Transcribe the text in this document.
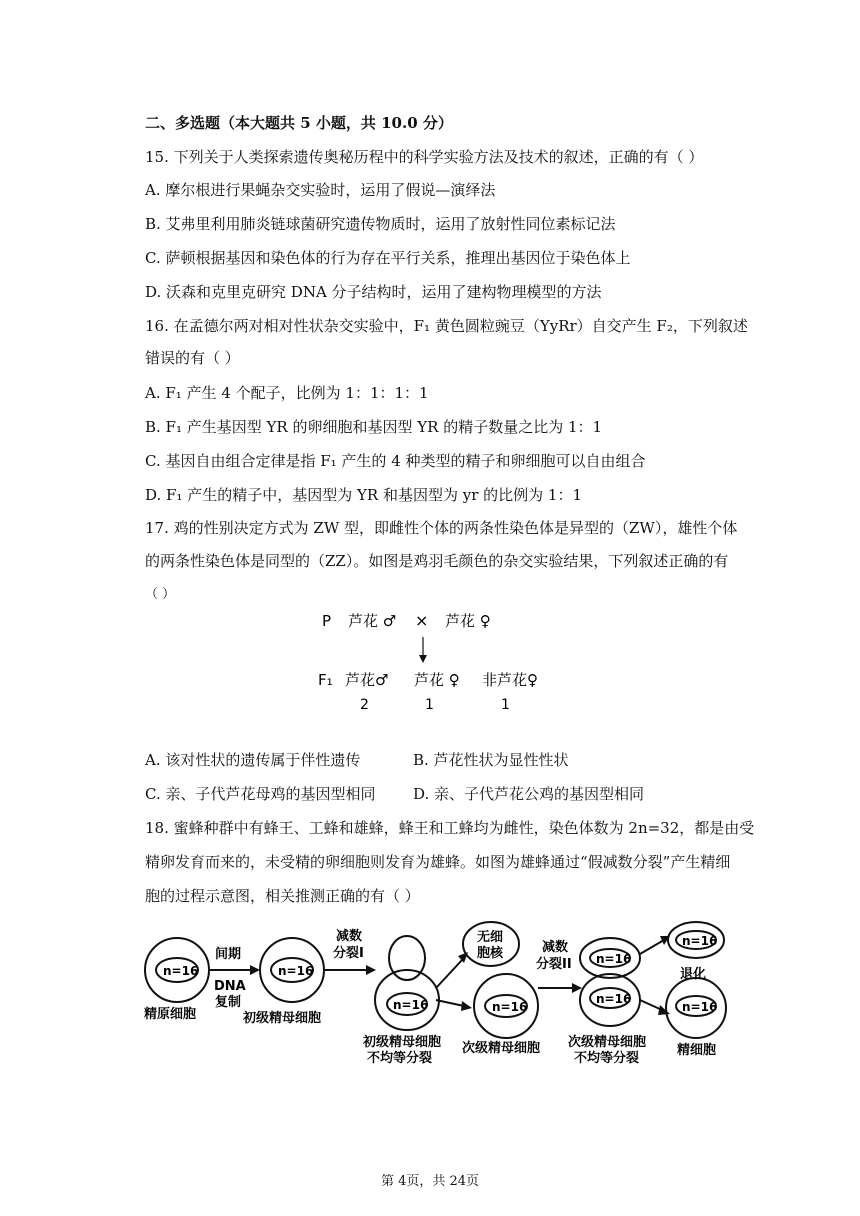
二、多选题（本大题共 5 小题，共 10.0 分）
15. 下列关于人类探索遗传奥秘历程中的科学实验方法及技术的叙述，正确的有（ ）
A. 摩尔根进行果蝇杂交实验时，运用了假说—演绎法
B. 艾弗里利用肺炎链球菌研究遗传物质时，运用了放射性同位素标记法
C. 萨顿根据基因和染色体的行为存在平行关系，推理出基因位于染色体上
D. 沃森和克里克研究 DNA 分子结构时，运用了建构物理模型的方法
16. 在孟德尔两对相对性状杂交实验中，F₁ 黄色圆粒豌豆（YyRr）自交产生 F₂，下列叙述
错误的有（ ）
A. F₁ 产生 4 个配子，比例为 1：1：1：1
B. F₁ 产生基因型 YR 的卵细胞和基因型 YR 的精子数量之比为 1：1
C. 基因自由组合定律是指 F₁ 产生的 4 种类型的精子和卵细胞可以自由组合
D. F₁ 产生的精子中，基因型为 YR 和基因型为 yr 的比例为 1：1
17. 鸡的性别决定方式为 ZW 型，即雌性个体的两条性染色体是异型的（ZW），雄性个体
的两条性染色体是同型的（ZZ）。如图是鸡羽毛颜色的杂交实验结果，下列叙述正确的有
（ ）
P 芦花 ♂ × 芦花 ♀
F₁ 芦花♂ 芦花 ♀ 非芦花♀
2	1	1
A. 该对性状的遗传属于伴性遗传	B. 芦花性状为显性性状
C. 亲、子代芦花母鸡的基因型相同	D. 亲、子代芦花公鸡的基因型相同
18. 蜜蜂种群中有蜂王、工蜂和雄蜂，蜂王和工蜂均为雌性，染色体数为 2n=32，都是由受
精卵发育而来的，未受精的卵细胞则发育为雄蜂。如图为雄蜂通过“假减数分裂”产生精细
胞的过程示意图，相关推测正确的有（ ）
n=16	n=16
n=16	n=16
n=16
n=16
n=16
n=16
间期
DNA
复制
减数
分裂I
无细
胞核	减数
分裂II
退化
精原细胞	初级精母细胞
初级精母细胞
不均等分裂
次级精母细胞 次级精母细胞
不均等分裂
精细胞
第 4页，共 24页
